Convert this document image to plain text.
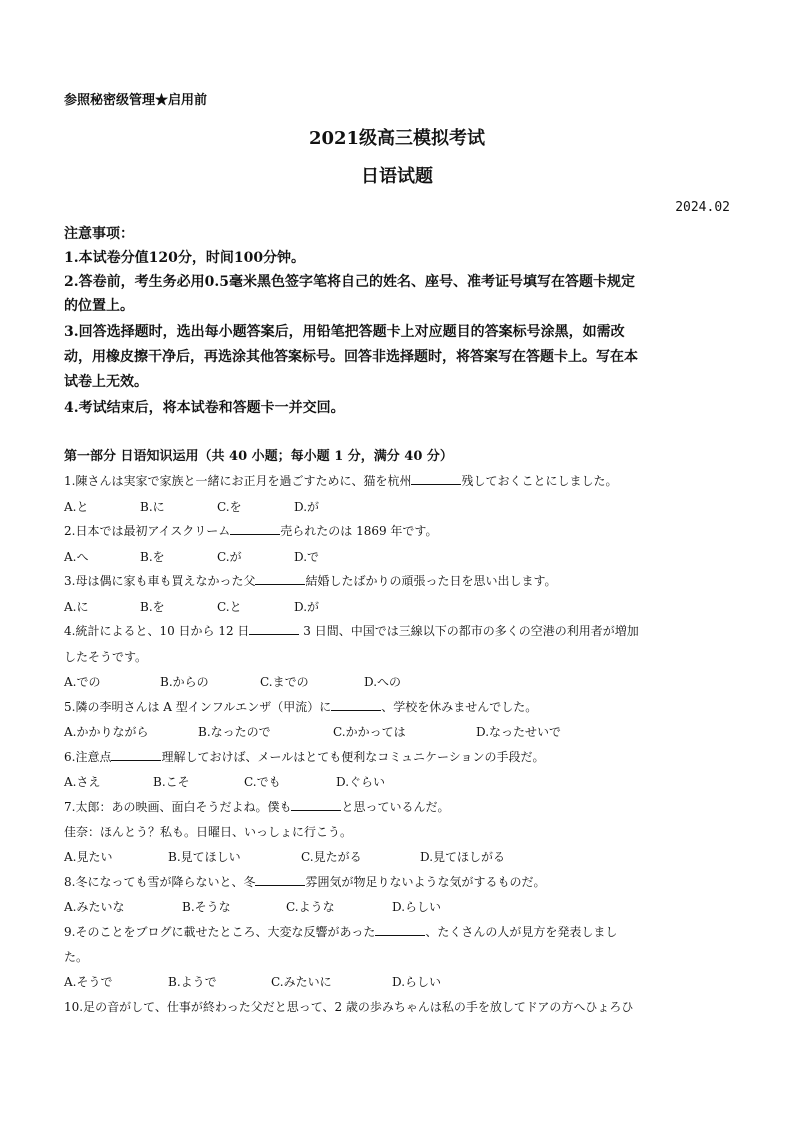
参照秘密级管理★启用前
2021级高三模拟考试
日语试题
2024.02
注意事项：
1.本试卷分值120分，时间100分钟。
2.答卷前，考生务必用0.5毫米黑色签字笔将自己的姓名、座号、准考证号填写在答题卡规定
的位置上。
3.回答选择题时，选出每小题答案后，用铅笔把答题卡上对应题目的答案标号涂黑，如需改
动，用橡皮擦干净后，再选涂其他答案标号。回答非选择题时，将答案写在答题卡上。写在本
试卷上无效。
4.考试结束后，将本试卷和答题卡一并交回。
第一部分 日语知识运用（共 40 小题；每小题 1 分，满分 40 分）
1.陳さんは実家で家族と一緒にお正月を過ごすために、猫を杭州	残しておくことにしました。
A.と	B.に	C.を	D.が
2.日本では最初アイスクリーム	売られたのは 1869 年です。
A.へ	B.を	C.が	D.で
3.母は偶に家も車も買えなかった父	結婚したばかりの頑張った日を思い出します。
A.に	B.を	C.と	D.が
4.統計によると、10 日から 12 日	3 日間、中国では三線以下の都市の多くの空港の利用者が増加
したそうです。
A.での	B.からの	C.までの	D.への
5.隣の李明さんは A 型インフルエンザ（甲流）に	、学校を休みませんでした。
A.かかりながら	B.なったので	C.かかっては	D.なったせいで
6.注意点	理解しておけば、メールはとても便利なコミュニケーションの手段だ。
A.さえ	B.こそ	C.でも	D.ぐらい
7.太郎：あの映画、面白そうだよね。僕も	と思っているんだ。
佳奈：ほんとう？私も。日曜日、いっしょに行こう。
A.見たい	B.見てほしい	C.見たがる	D.見てほしがる
8.冬になっても雪が降らないと、冬	雰囲気が物足りないような気がするものだ。
A.みたいな	B.そうな	C.ような	D.らしい
9.そのことをブログに載せたところ、大変な反響があった	、たくさんの人が見方を発表しまし
た。
A.そうで	B.ようで	C.みたいに	D.らしい
10.足の音がして、仕事が終わった父だと思って、2 歳の歩みちゃんは私の手を放してドアの方へひょろひ
